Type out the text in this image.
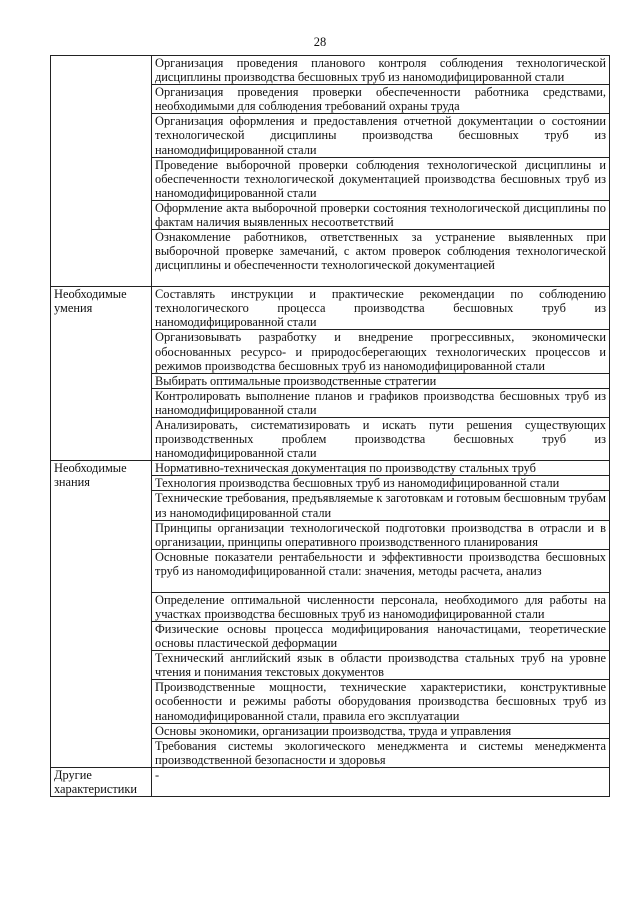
28
	Организация проведения планового контроля соблюдения технологической дисциплины производства бесшовных труб из наномодифицированной стали
	Организация проведения проверки обеспеченности работника средствами, необходимыми для соблюдения требований охраны труда
	Организация оформления и предоставления отчетной документации о состоянии технологической дисциплины производства бесшовных труб из наномодифицированной стали
	Проведение выборочной проверки соблюдения технологической дисциплины и обеспеченности технологической документацией производства бесшовных труб из наномодифицированной стали
	Оформление акта выборочной проверки состояния технологической дисциплины по фактам наличия выявленных несоответствий
	Ознакомление работников, ответственных за устранение выявленных при выборочной проверке замечаний, с актом проверок соблюдения технологической дисциплины и обеспеченности технологической документацией
Необходимые умения	Составлять инструкции и практические рекомендации по соблюдению технологического процесса производства бесшовных труб из наномодифицированной стали
	Организовывать разработку и внедрение прогрессивных, экономически обоснованных ресурсо- и природосберегающих технологических процессов и режимов производства бесшовных труб из наномодифицированной стали
	Выбирать оптимальные производственные стратегии
	Контролировать выполнение планов и графиков производства бесшовных труб из наномодифицированной стали
	Анализировать, систематизировать и искать пути решения существующих производственных проблем производства бесшовных труб из наномодифицированной стали
Необходимые знания	Нормативно-техническая документация по производству стальных труб
	Технология производства бесшовных труб из наномодифицированной стали
	Технические требования, предъявляемые к заготовкам и готовым бесшовным трубам из наномодифицированной стали
	Принципы организации технологической подготовки производства в отрасли и в организации, принципы оперативного производственного планирования
	Основные показатели рентабельности и эффективности производства бесшовных труб из наномодифицированной стали: значения, методы расчета, анализ
	Определение оптимальной численности персонала, необходимого для работы на участках производства бесшовных труб из наномодифицированной стали
	Физические основы процесса модифицирования наночастицами, теоретические основы пластической деформации
	Технический английский язык в области производства стальных труб на уровне чтения и понимания текстовых документов
	Производственные мощности, технические характеристики, конструктивные особенности и режимы работы оборудования производства бесшовных труб из наномодифицированной стали, правила его эксплуатации
	Основы экономики, организации производства, труда и управления
	Требования системы экологического менеджмента и системы менеджмента производственной безопасности и здоровья
Другие характеристики	-
